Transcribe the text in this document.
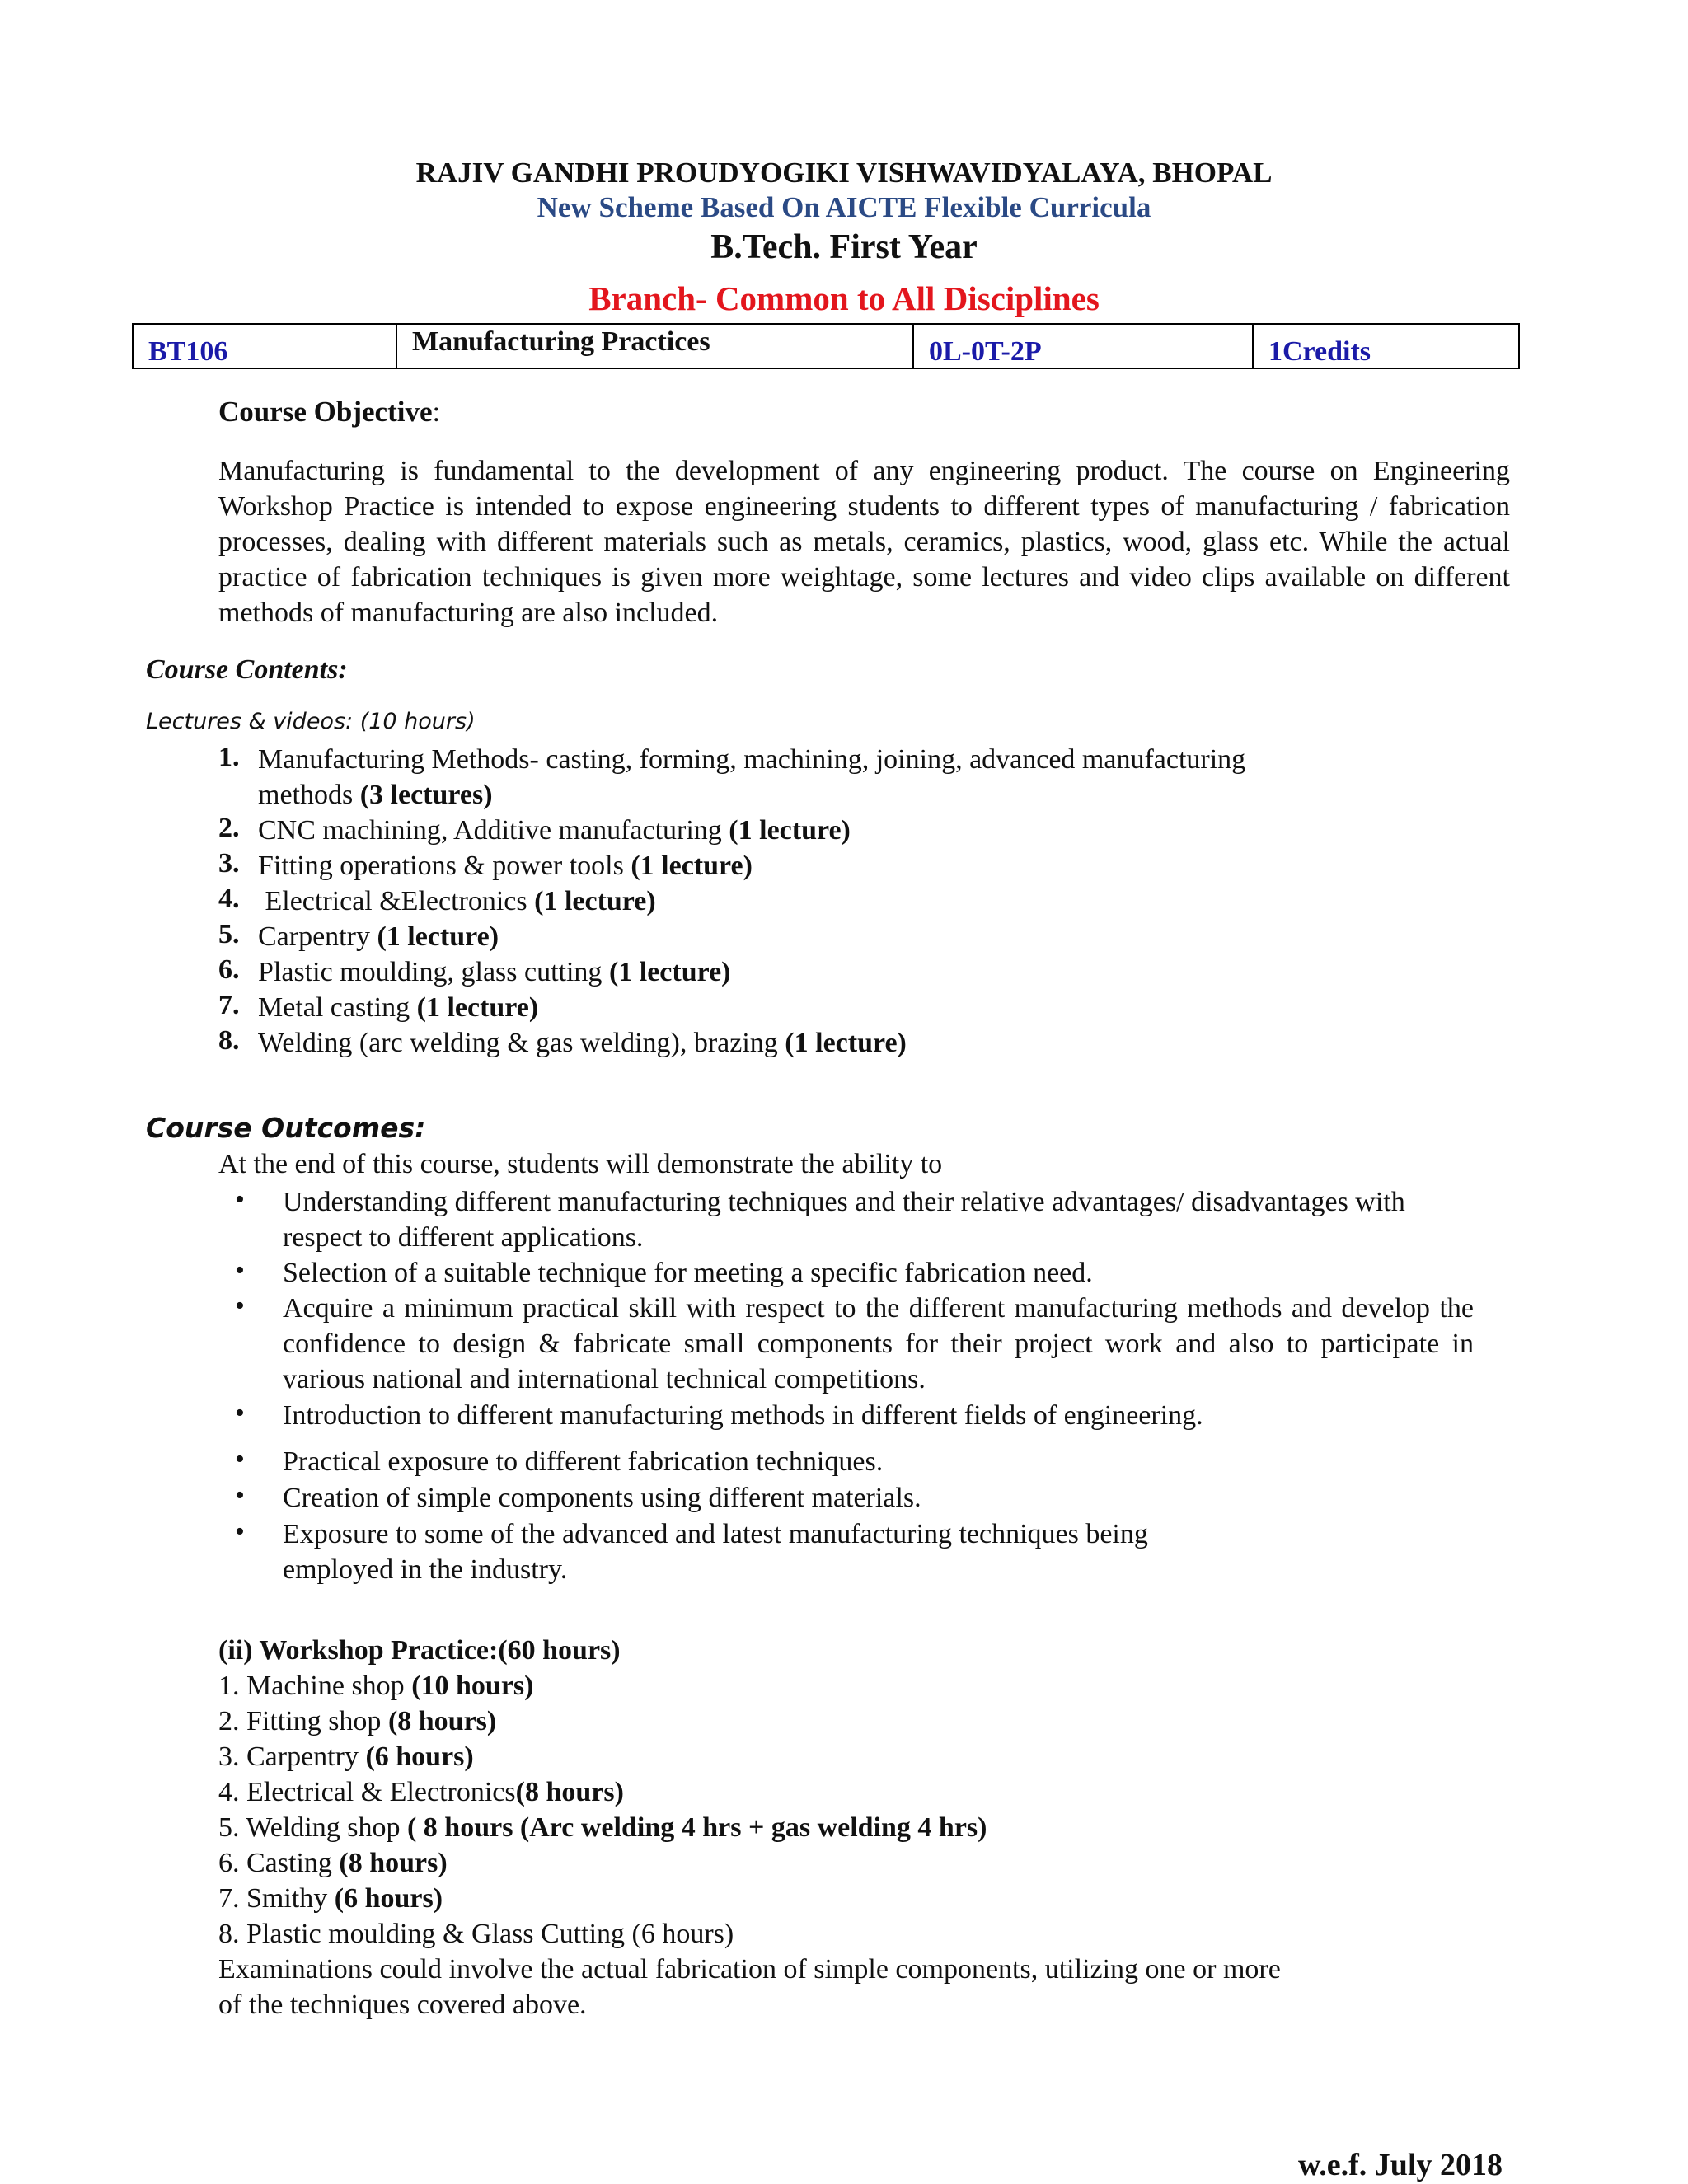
RAJIV GANDHI PROUDYOGIKI VISHWAVIDYALAYA, BHOPAL
New Scheme Based On AICTE Flexible Curricula
B.Tech. First Year
Branch- Common to All Disciplines
BT106	Manufacturing Practices	0L-0T-2P	1Credits
Course Objective:
Manufacturing is fundamental to the development of any engineering product. The course on Engineering Workshop Practice is intended to expose engineering students to different types of manufacturing / fabrication processes, dealing with different materials such as metals, ceramics, plastics, wood, glass etc. While the actual practice of fabrication techniques is given more weightage, some lectures and video clips available on different methods of manufacturing are also included.
Course Contents:
Lectures & videos: (10 hours)
1. Manufacturing Methods- casting, forming, machining, joining, advanced manufacturing
methods (3 lectures)
2. CNC machining, Additive manufacturing (1 lecture)
3. Fitting operations & power tools (1 lecture)
4. Electrical &Electronics (1 lecture)
5. Carpentry (1 lecture)
6. Plastic moulding, glass cutting (1 lecture)
7. Metal casting (1 lecture)
8. Welding (arc welding & gas welding), brazing (1 lecture)
Course Outcomes:
At the end of this course, students will demonstrate the ability to
• Understanding different manufacturing techniques and their relative advantages/ disadvantages with respect to different applications.
• Selection of a suitable technique for meeting a specific fabrication need.
• Acquire a minimum practical skill with respect to the different manufacturing methods and develop the confidence to design & fabricate small components for their project work and also to participate in various national and international technical competitions.
• Introduction to different manufacturing methods in different fields of engineering.
• Practical exposure to different fabrication techniques.
• Creation of simple components using different materials.
• Exposure to some of the advanced and latest manufacturing techniques being employed in the industry.
(ii) Workshop Practice:(60 hours)
1. Machine shop (10 hours)
2. Fitting shop (8 hours)
3. Carpentry (6 hours)
4. Electrical & Electronics(8 hours)
5. Welding shop ( 8 hours (Arc welding 4 hrs + gas welding 4 hrs)
6. Casting (8 hours)
7. Smithy (6 hours)
8. Plastic moulding & Glass Cutting (6 hours)
Examinations could involve the actual fabrication of simple components, utilizing one or more
of the techniques covered above.
w.e.f. July 2018
